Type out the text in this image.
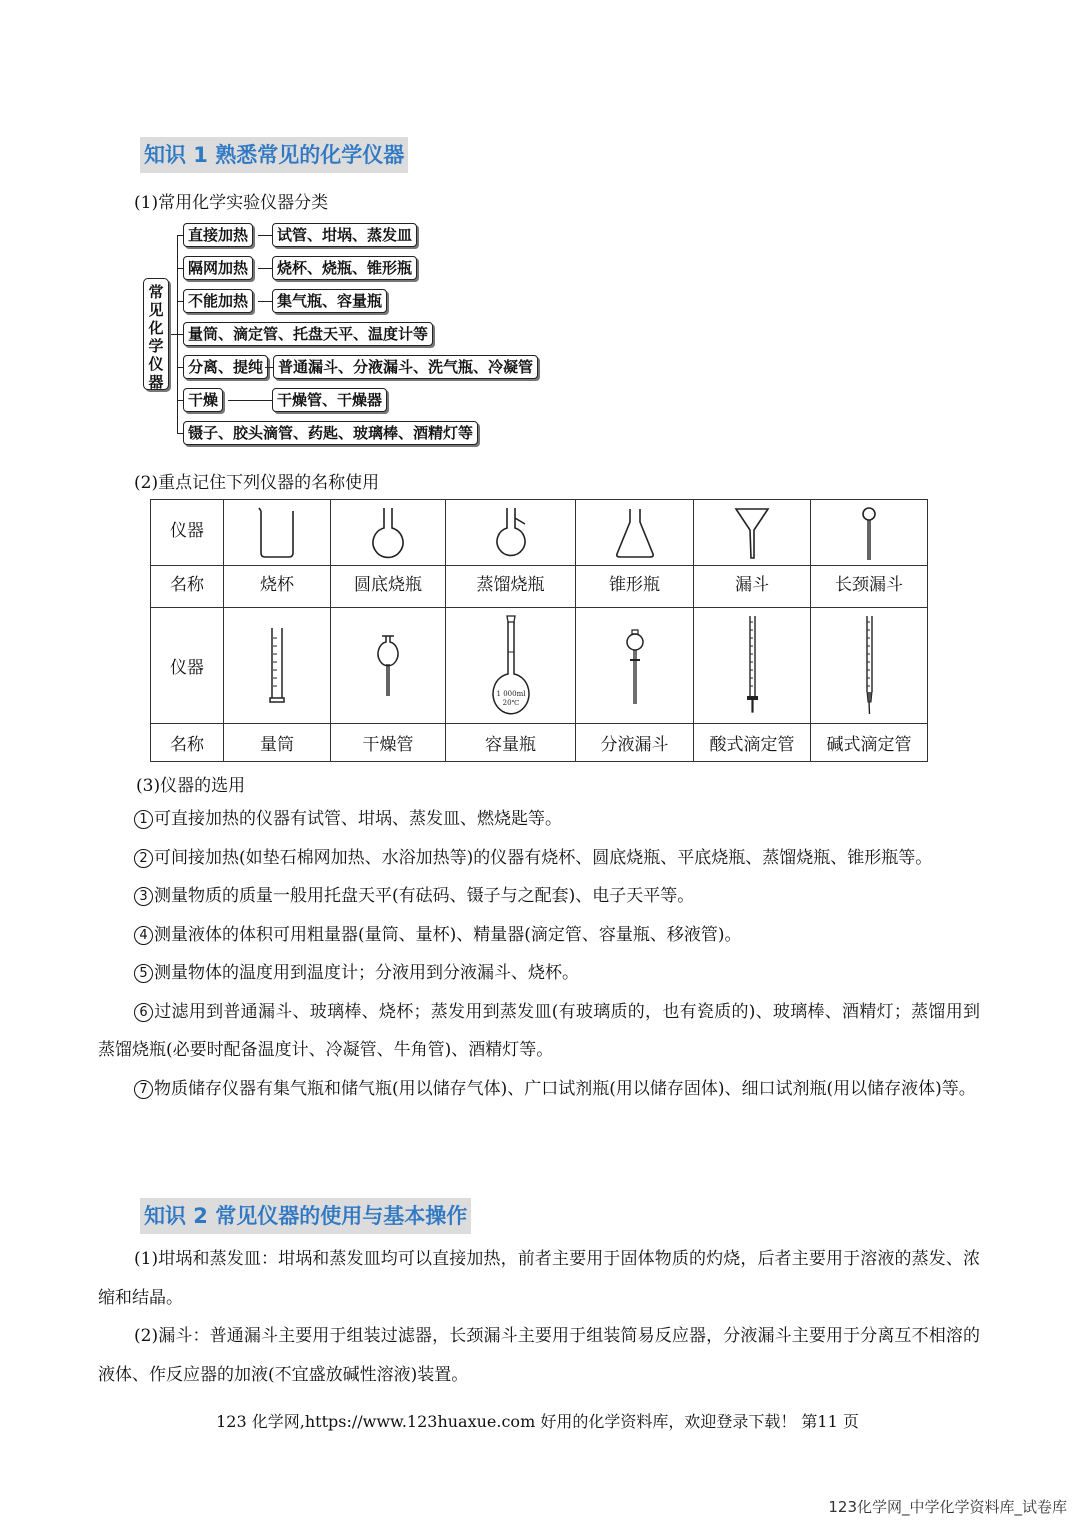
知识 1 熟悉常见的化学仪器
(1)常用化学实验仪器分类
常见化学仪器
直接加热	试管、坩埚、蒸发皿
隔网加热	烧杯、烧瓶、锥形瓶
不能加热	集气瓶、容量瓶
量筒、滴定管、托盘天平、温度计等
分离、提纯 普通漏斗、分液漏斗、洗气瓶、冷凝管
干燥	干燥管、干燥器
镊子、胶头滴管、药匙、玻璃棒、酒精灯等
(2)重点记住下列仪器的名称使用
仪器	

名称	烧杯	圆底烧瓶	蒸馏烧瓶	锥形瓶	漏斗	长颈漏斗
仪器			1 000ml
20℃

名称	量筒	干燥管	容量瓶	分液漏斗	酸式滴定管	碱式滴定管
(3)仪器的选用
1 可直接加热的仪器有试管、坩埚、蒸发皿、燃烧匙等。
2 可间接加热(如垫石棉网加热、水浴加热等)的仪器有烧杯、圆底烧瓶、平底烧瓶、蒸馏烧瓶、锥形瓶等。
3 测量物质的质量一般用托盘天平(有砝码、镊子与之配套)、电子天平等。
4 测量液体的体积可用粗量器(量筒、量杯)、精量器(滴定管、容量瓶、移液管)。
5 测量物体的温度用到温度计；分液用到分液漏斗、烧杯。
6 过滤用到普通漏斗、玻璃棒、烧杯；蒸发用到蒸发皿(有玻璃质的，也有瓷质的)、玻璃棒、酒精灯；蒸馏用到蒸馏烧瓶(必要时配备温度计、冷凝管、牛角管)、酒精灯等。
7 物质储存仪器有集气瓶和储气瓶(用以储存气体)、广口试剂瓶(用以储存固体)、细口试剂瓶(用以储存液体)等。
知识 2 常见仪器的使用与基本操作
(1)坩埚和蒸发皿：坩埚和蒸发皿均可以直接加热，前者主要用于固体物质的灼烧，后者主要用于溶液的蒸发、浓缩和结晶。
(2)漏斗：普通漏斗主要用于组装过滤器，长颈漏斗主要用于组装简易反应器，分液漏斗主要用于分离互不相溶的液体、作反应器的加液(不宜盛放碱性溶液)装置。
123 化学网,https://www.123huaxue.com 好用的化学资料库，欢迎登录下载！ 第11 页
123化学网_中学化学资料库_试卷库
